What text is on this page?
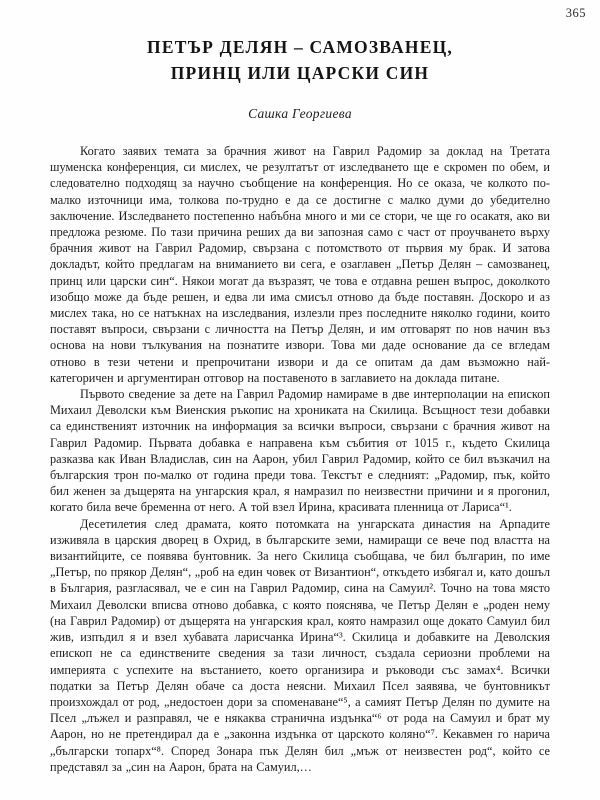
365
ПЕТЪР ДЕЛЯН – САМОЗВАНЕЦ,
ПРИНЦ ИЛИ ЦАРСКИ СИН
Сашка Георгиева

Когато заявих темата за брачния живот на Гаврил Радомир за доклад на Третата шуменска конференция, си мислех, че резултатът от изследването ще е скромен по обем, и следователно подходящ за научно съобщение на конференция. Но се оказа, че колкото по-малко източници има, толкова по-трудно е да се достигне с малко думи до убедително заключение. Изследването постепенно набъбна много и ми се стори, че ще го осакатя, ако ви предложа резюме. По тази причина реших да ви запозная само с част от проучването върху брачния живот на Гаврил Радомир, свързана с потомството от първия му брак. И затова докладът, който предлагам на вниманието ви сега, е озаглавен „Петър Делян – самозванец, принц или царски син“. Някои могат да възразят, че това е отдавна решен въпрос, доколкото изобщо може да бъде решен, и едва ли има смисъл отново да бъде поставян. Доскоро и аз мислех така, но се натъкнах на изследвания, излезли през последните няколко години, които поставят въпроси, свързани с личността на Петър Делян, и им отговарят по нов начин въз основа на нови тълкувания на познатите извори. Това ми даде основание да се вгледам отново в тези четени и препрочитани извори и да се опитам да дам възможно най-категоричен и аргументиран отговор на поставеното в заглавието на доклада питане.

Първото сведение за дете на Гаврил Радомир намираме в две интерполации на епископ Михаил Деволски към Виенския ръкопис на хрониката на Скилица. Всъщност тези добавки са единственият източник на информация за всички въпроси, свързани с брачния живот на Гаврил Радомир. Първата добавка е направена към събития от 1015 г., където Скилица разказва как Иван Владислав, син на Аарон, убил Гаврил Радомир, който се бил възкачил на българския трон по-малко от година преди това. Текстът е следният: „Радомир, пък, който бил женен за дъщерята на унгарския крал, я намразил по неизвестни причини и я прогонил, когато била вече бременна от него. А той взел Ирина, красивата пленница от Лариса“¹.

Десетилетия след драмата, която потомката на унгарската династия на Арпадите изживяла в царския дворец в Охрид, в българските земи, намиращи се вече под властта на византийците, се появява бунтовник. За него Скилица съобщава, че бил българин, по име „Петър, по прякор Делян“, „роб на един човек от Византион“, откъдето избягал и, като дошъл в България, разгласявал, че е син на Гаврил Радомир, сина на Самуил². Точно на това място Михаил Деволски вписва отново добавка, с която пояснява, че Петър Делян е „роден нему (на Гаврил Радомир) от дъщерята на унгарския крал, която намразил още докато Самуил бил жив, изпъдил я и взел хубавата ларисчанка Ирина“³. Скилица и добавките на Деволския епископ не са единствените сведения за тази личност, създала сериозни проблеми на империята с успехите на въстанието, което организира и ръководи със замах⁴. Всички податки за Петър Делян обаче са доста неясни. Михаил Псел заявява, че бунтовникът произхождал от род, „недостоен дори за споменаване“⁵, а самият Петър Делян по думите на Псел „лъжел и разправял, че е някаква странична издънка“⁶ от рода на Самуил и брат му Аарон, но не претендирал да е „законна издънка от царското коляно“⁷. Кекавмен го нарича „български топарх“⁸. Според Зонара пък Делян бил „мъж от неизвестен род“, който се представял за „син на Аарон, брата на Самуил,…
